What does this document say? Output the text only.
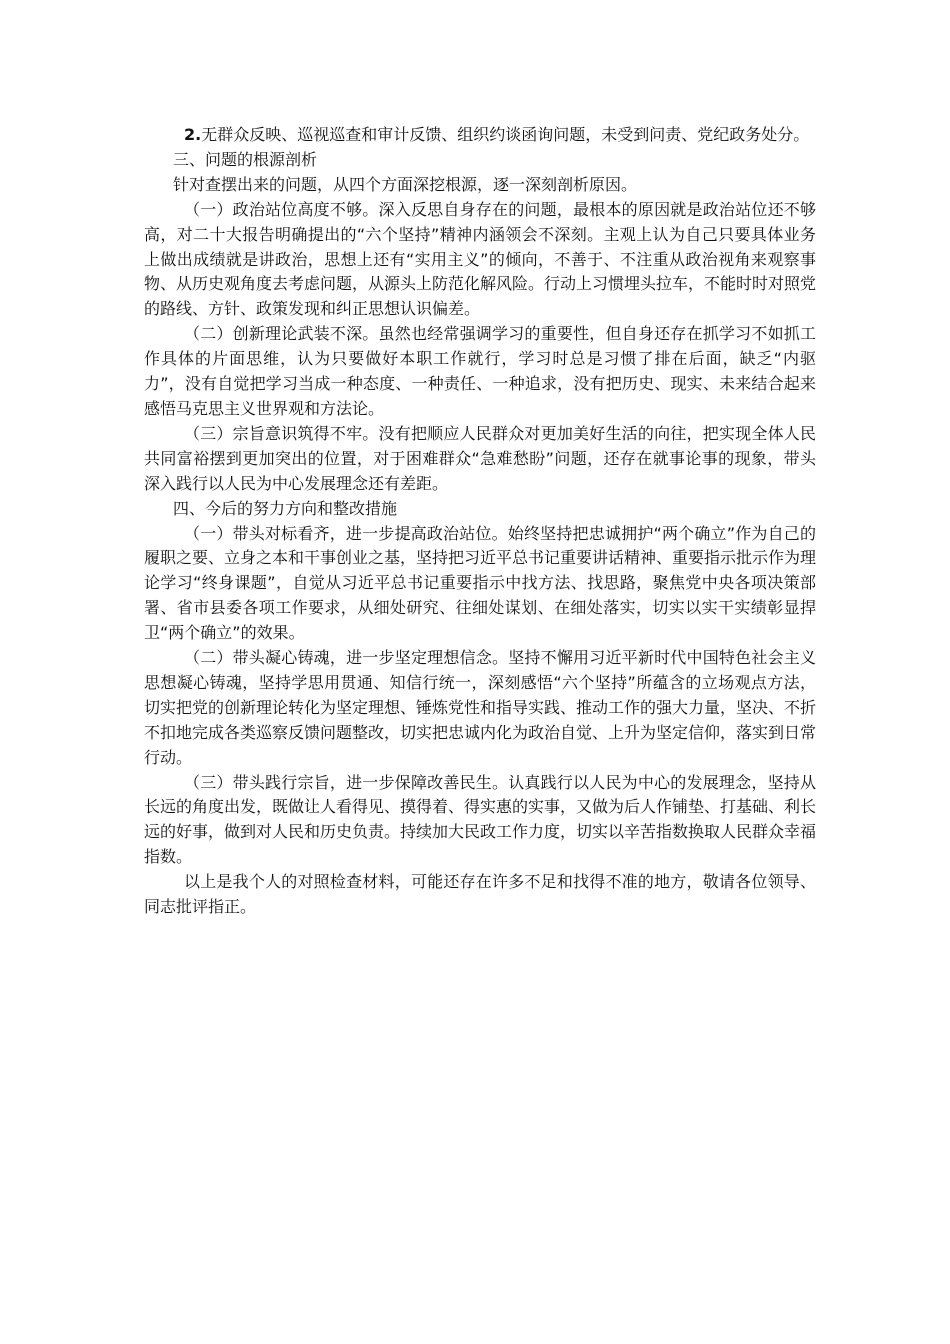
2.无群众反映、巡视巡查和审计反馈、组织约谈函询问题，未受到问责、党纪政务处分。

三、问题的根源剖析

针对查摆出来的问题，从四个方面深挖根源，逐一深刻剖析原因。

（一）政治站位高度不够。深入反思自身存在的问题，最根本的原因就是政治站位还不够高，对二十大报告明确提出的“六个坚持”精神内涵领会不深刻。主观上认为自己只要具体业务上做出成绩就是讲政治，思想上还有“实用主义”的倾向，不善于、不注重从政治视角来观察事物、从历史观角度去考虑问题，从源头上防范化解风险。行动上习惯埋头拉车，不能时时对照党的路线、方针、政策发现和纠正思想认识偏差。

（二）创新理论武装不深。虽然也经常强调学习的重要性，但自身还存在抓学习不如抓工作具体的片面思维，认为只要做好本职工作就行，学习时总是习惯了排在后面，缺乏“内驱力”，没有自觉把学习当成一种态度、一种责任、一种追求，没有把历史、现实、未来结合起来感悟马克思主义世界观和方法论。

（三）宗旨意识筑得不牢。没有把顺应人民群众对更加美好生活的向往，把实现全体人民共同富裕摆到更加突出的位置，对于困难群众“急难愁盼”问题，还存在就事论事的现象，带头深入践行以人民为中心发展理念还有差距。

四、今后的努力方向和整改措施

（一）带头对标看齐，进一步提高政治站位。始终坚持把忠诚拥护“两个确立”作为自己的履职之要、立身之本和干事创业之基，坚持把习近平总书记重要讲话精神、重要指示批示作为理论学习“终身课题”，自觉从习近平总书记重要指示中找方法、找思路，聚焦党中央各项决策部署、省市县委各项工作要求，从细处研究、往细处谋划、在细处落实，切实以实干实绩彰显捍卫“两个确立”的效果。

（二）带头凝心铸魂，进一步坚定理想信念。坚持不懈用习近平新时代中国特色社会主义思想凝心铸魂，坚持学思用贯通、知信行统一，深刻感悟“六个坚持”所蕴含的立场观点方法，切实把党的创新理论转化为坚定理想、锤炼党性和指导实践、推动工作的强大力量，坚决、不折不扣地完成各类巡察反馈问题整改，切实把忠诚内化为政治自觉、上升为坚定信仰，落实到日常行动。

（三）带头践行宗旨，进一步保障改善民生。认真践行以人民为中心的发展理念，坚持从长远的角度出发，既做让人看得见、摸得着、得实惠的实事，又做为后人作铺垫、打基础、利长远的好事，做到对人民和历史负责。持续加大民政工作力度，切实以辛苦指数换取人民群众幸福指数。

以上是我个人的对照检查材料，可能还存在许多不足和找得不准的地方，敬请各位领导、同志批评指正。
